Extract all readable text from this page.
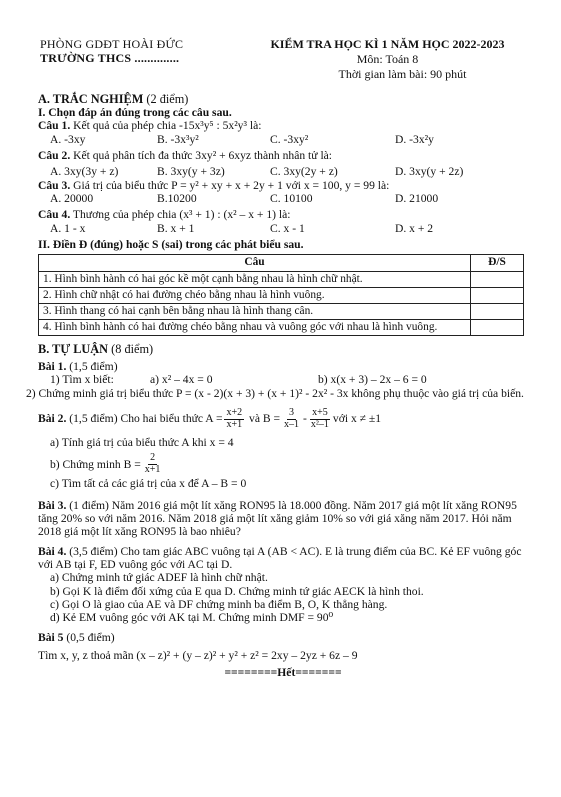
PHÒNG GDĐT HOÀI ĐỨC
TRƯỜNG THCS ..............
KIỂM TRA HỌC KÌ 1 NĂM HỌC 2022-2023
Môn: Toán 8
Thời gian làm bài: 90 phút
A. TRẮC NGHIỆM (2 điểm)
I. Chọn đáp án đúng trong các câu sau.
Câu 1. Kết quả của phép chia -15x³y⁵ : 5x²y³ là:
A. -3xy	B. -3x³y²	C. -3xy²	D. -3x²y
Câu 2. Kết quả phân tích đa thức 3xy² + 6xyz thành nhân tử là:
A. 3xy(3y + z)	B. 3xy(y + 3z)	C. 3xy(2y + z)	D. 3xy(y + 2z)
Câu 3. Giá trị của biểu thức P = y² + xy + x + 2y + 1 với x = 100, y = 99 là:
A. 20000	B.10200	C. 10100	D. 21000
Câu 4. Thương của phép chia (x³ + 1) : (x² – x + 1) là:
A. 1 - x	B. x + 1	C. x - 1	D. x + 2
II. Điền Đ (đúng) hoặc S (sai) trong các phát biểu sau.
Câu	Đ/S
1. Hình bình hành có hai góc kề một cạnh bằng nhau là hình chữ nhật.	
2. Hình chữ nhật có hai đường chéo bằng nhau là hình vuông.	
3. Hình thang có hai cạnh bên bằng nhau là hình thang cân.	
4. Hình bình hành có hai đường chéo bằng nhau và vuông góc với nhau là hình vuông.	
B. TỰ LUẬN (8 điểm)
Bài 1. (1,5 điểm)
1) Tìm x biết:	a) x² – 4x = 0	b) x(x + 3) – 2x – 6 = 0
2) Chứng minh giá trị biểu thức P = (x - 2)(x + 3) + (x + 1)² - 2x² - 3x không phụ thuộc vào giá trị của biến.
Bài 2.
(1,5 điểm) Cho hai biểu thức $A = \frac{x+2}{x+1}$
và $B = \frac{3}{x-1} - \frac{x+5}{\text{x²–1}}$ với x ≠ ±1
a) Tính giá trị của biểu thức A khi x = 4
b) Chứng minh $B = \frac{2}{x+1}$
c) Tìm tất cả các giá trị của x để A – B = 0
Bài 3. (1 điểm) Năm 2016 giá một lít xăng RON95 là 18.000 đồng. Năm 2017 giá một lít xăng RON95 tăng 20% so với năm 2016. Năm 2018 giá một lít xăng giảm 10% so với giá xăng năm 2017. Hỏi năm 2018 giá một lít xăng RON95 là bao nhiêu?
Bài 4. (3,5 điểm) Cho tam giác ABC vuông tại A (AB < AC). E là trung điểm của BC. Kẻ EF vuông góc với AB tại F, ED vuông góc với AC tại D.
a) Chứng minh tứ giác ADEF là hình chữ nhật.
b) Gọi K là điểm đối xứng của E qua D. Chứng minh tứ giác AECK là hình thoi.
c) Gọi O là giao của AE và DF chứng minh ba điểm B, O, K thẳng hàng.
d) Kẻ EM vuông góc với AK tại M. Chứng minh DMF = 90⁰
Bài 5 (0,5 điểm)
Tìm x, y, z thoả mãn (x – z)² + (y – z)² + y² + z² = 2xy – 2yz + 6z – 9
========Hết=======
